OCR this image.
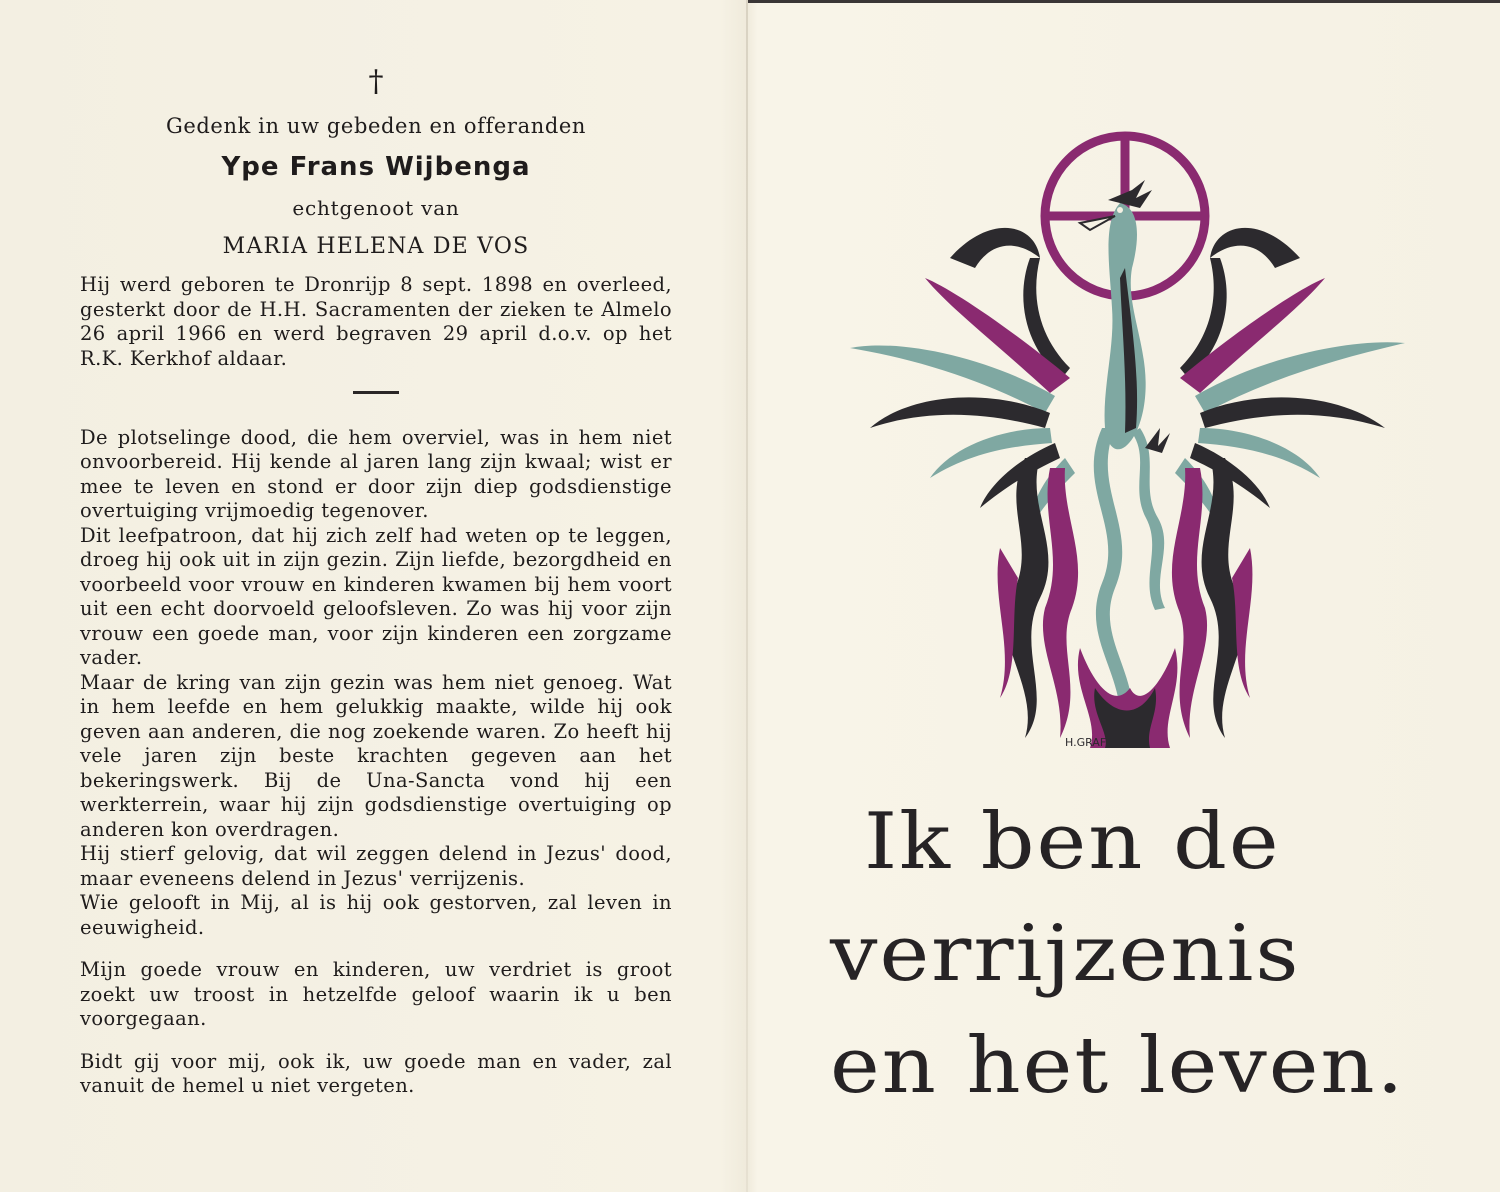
†
Gedenk in uw gebeden en offeranden
Ype Frans Wijbenga
echtgenoot van
MARIA HELENA DE VOS

Hij werd geboren te Dronrijp 8 sept. 1898 en overleed, gesterkt door de H.H. Sacramenten der zieken te Almelo 26 april 1966 en werd begraven 29 april d.o.v. op het R.K. Kerkhof aldaar.

De plotselinge dood, die hem overviel, was in hem niet onvoorbereid. Hij kende al jaren lang zijn kwaal; wist er mee te leven en stond er door zijn diep godsdienstige overtuiging vrijmoedig tegenover.

Dit leefpatroon, dat hij zich zelf had weten op te leggen, droeg hij ook uit in zijn gezin. Zijn liefde, bezorgdheid en voorbeeld voor vrouw en kinderen kwamen bij hem voort uit een echt doorvoeld geloofsleven. Zo was hij voor zijn vrouw een goede man, voor zijn kinderen een zorgzame vader.

Maar de kring van zijn gezin was hem niet genoeg. Wat in hem leefde en hem gelukkig maakte, wilde hij ook geven aan anderen, die nog zoekende waren. Zo heeft hij vele jaren zijn beste krachten gegeven aan het bekeringswerk. Bij de Una-Sancta vond hij een werkterrein, waar hij zijn godsdienstige overtuiging op anderen kon overdragen.

Hij stierf gelovig, dat wil zeggen delend in Jezus' dood, maar eveneens delend in Jezus' verrijzenis.

Wie gelooft in Mij, al is hij ook gestorven, zal leven in eeuwigheid.

Mijn goede vrouw en kinderen, uw verdriet is groot zoekt uw troost in hetzelfde geloof waarin ik u ben voorgegaan.

Bidt gij voor mij, ook ik, uw goede man en vader, zal vanuit de hemel u niet vergeten.

H.GRAF
Ik ben de
verrijzenis
en het leven.
